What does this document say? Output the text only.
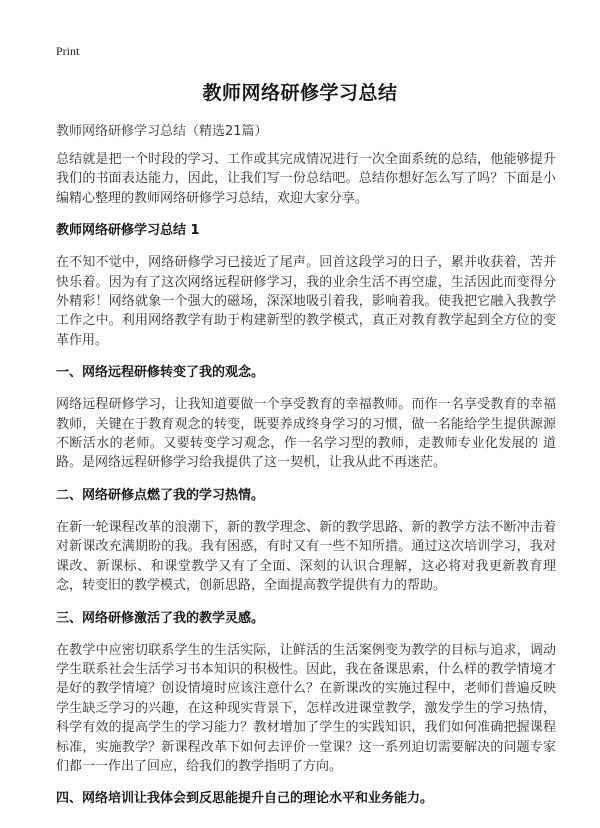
Print
教师网络研修学习总结
教师网络研修学习总结（精选21篇）

总结就是把一个时段的学习、工作或其完成情况进行一次全面系统的总结，他能够提升我们的书面表达能力，因此，让我们写一份总结吧。总结你想好怎么写了吗？下面是小编精心整理的教师网络研修学习总结，欢迎大家分享。

教师网络研修学习总结 1

在不知不觉中，网络研修学习已接近了尾声。回首这段学习的日子，累并收获着，苦并快乐着。因为有了这次网络远程研修学习，我的业余生活不再空虚，生活因此而变得分外精彩！网络就象一个强大的磁场，深深地吸引着我，影响着我。使我把它融入我教学工作之中。利用网络教学有助于构建新型的教学模式，真正对教育教学起到全方位的变革作用。

一、网络远程研修转变了我的观念。

网络远程研修学习，让我知道要做一个享受教育的幸福教师。而作一名享受教育的幸福教师，关键在于教育观念的转变，既要养成终身学习的习惯，做一名能给学生提供源源不断活水的老师。又要转变学习观念，作一名学习型的教师，走教师专业化发展的 道路。是网络远程研修学习给我提供了这一契机，让我从此不再迷茫。

二、网络研修点燃了我的学习热情。

在新一轮课程改革的浪潮下，新的教学理念、新的教学思路、新的教学方法不断冲击着对新课改充满期盼的我。我有困惑，有时又有一些不知所措。通过这次培训学习，我对课改、新课标、和课堂教学又有了全面、深刻的认识合理解，这必将对我更新教育理念，转变旧的教学模式，创新思路，全面提高教学提供有力的帮助。

三、网络研修激活了我的教学灵感。

在教学中应密切联系学生的生活实际，让鲜活的生活案例变为教学的目标与追求，调动学生联系社会生活学习书本知识的积极性。因此，我在备课思索，什么样的教学情境才是好的教学情境？创设情境时应该注意什么？在新课改的实施过程中，老师们普遍反映学生缺乏学习的兴趣，在这种现实背景下，怎样改进课堂教学，激发学生的学习热情，科学有效的提高学生的学习能力？教材增加了学生的实践知识，我们如何准确把握课程标准，实施教学？新课程改革下如何去评价一堂课？这一系列迫切需要解决的问题专家们都一一作出了回应，给我们的教学指明了方向。

四、网络培训让我体会到反思能提升自己的理论水平和业务能力。
